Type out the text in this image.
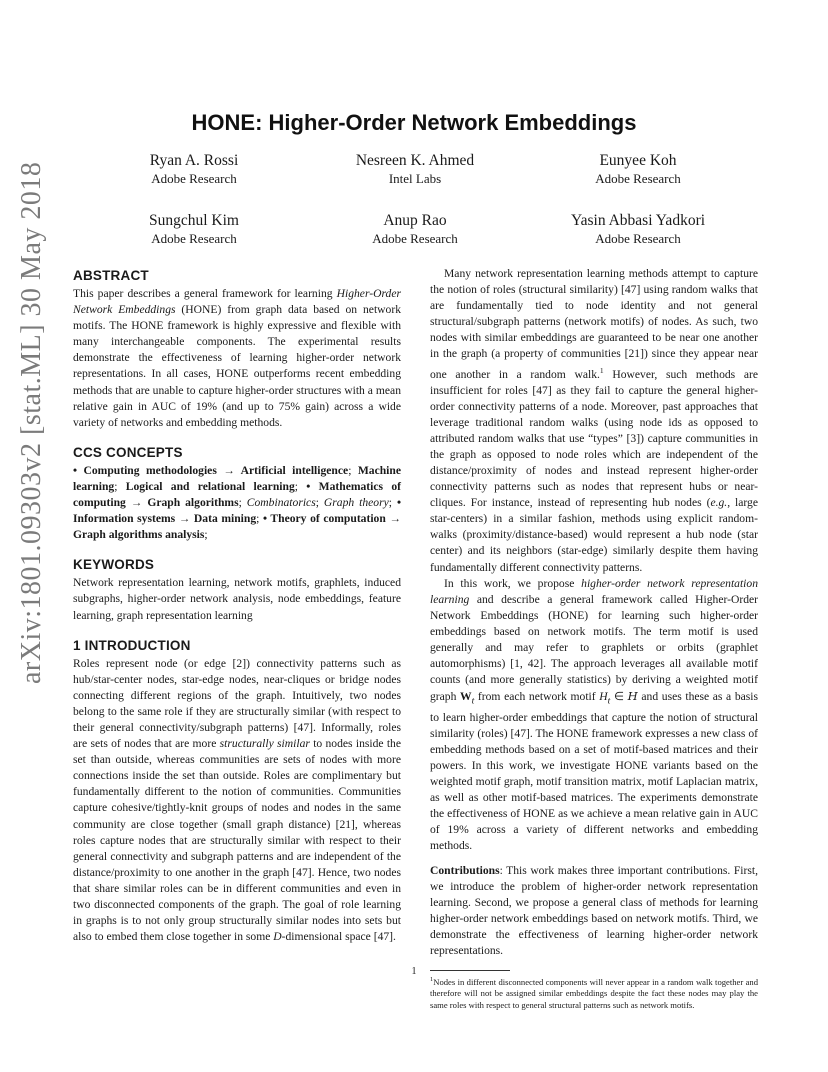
arXiv:1801.09303v2 [stat.ML] 30 May 2018
HONE: Higher-Order Network Embeddings
Ryan A. Rossi
Adobe Research
Nesreen K. Ahmed
Intel Labs
Eunyee Koh
Adobe Research
Sungchul Kim
Adobe Research
Anup Rao
Adobe Research
Yasin Abbasi Yadkori
Adobe Research
ABSTRACT

This paper describes a general framework for learning Higher-Order Network Embeddings (HONE) from graph data based on network motifs. The HONE framework is highly expressive and flexible with many interchangeable components. The experimental results demonstrate the effectiveness of learning higher-order network representations. In all cases, HONE outperforms recent embedding methods that are unable to capture higher-order structures with a mean relative gain in AUC of 19% (and up to 75% gain) across a wide variety of networks and embedding methods.

CCS CONCEPTS

• Computing methodologies → Artificial intelligence; Machine learning; Logical and relational learning; • Mathematics of computing → Graph algorithms; Combinatorics; Graph theory; • Information systems → Data mining; • Theory of computation → Graph algorithms analysis;

KEYWORDS

Network representation learning, network motifs, graphlets, induced subgraphs, higher-order network analysis, node embeddings, feature learning, graph representation learning

1 INTRODUCTION

Roles represent node (or edge [2]) connectivity patterns such as hub/star-center nodes, star-edge nodes, near-cliques or bridge nodes connecting different regions of the graph. Intuitively, two nodes belong to the same role if they are structurally similar (with respect to their general connectivity/subgraph patterns) [47]. Informally, roles are sets of nodes that are more structurally similar to nodes inside the set than outside, whereas communities are sets of nodes with more connections inside the set than outside. Roles are complimentary but fundamentally different to the notion of communities. Communities capture cohesive/tightly-knit groups of nodes and nodes in the same community are close together (small graph distance) [21], whereas roles capture nodes that are structurally similar with respect to their general connectivity and subgraph patterns and are independent of the distance/proximity to one another in the graph [47]. Hence, two nodes that share similar roles can be in different communities and even in two disconnected components of the graph. The goal of role learning in graphs is to not only group structurally similar nodes into sets but also to embed them close together in some D-dimensional space [47].

Many network representation learning methods attempt to capture the notion of roles (structural similarity) [47] using random walks that are fundamentally tied to node identity and not general structural/subgraph patterns (network motifs) of nodes. As such, two nodes with similar embeddings are guaranteed to be near one another in the graph (a property of communities [21]) since they appear near one another in a random walk.$^1$ However, such methods are insufficient for roles [47] as they fail to capture the general higher-order connectivity patterns of a node. Moreover, past approaches that leverage traditional random walks (using node ids as opposed to attributed random walks that use “types” [3]) capture communities in the graph as opposed to node roles which are independent of the distance/proximity of nodes and instead represent higher-order connectivity patterns such as nodes that represent hubs or near-cliques. For instance, instead of representing hub nodes (e.g., large star-centers) in a similar fashion, methods using explicit random-walks (proximity/distance-based) would represent a hub node (star center) and its neighbors (star-edge) similarly despite them having fundamentally different connectivity patterns.

In this work, we propose higher-order network representation learning and describe a general framework called Higher-Order Network Embeddings (HONE) for learning such higher-order embeddings based on network motifs. The term motif is used generally and may refer to graphlets or orbits (graphlet automorphisms) [1, 42]. The approach leverages all available motif counts (and more generally statistics) by deriving a weighted motif graph $W_t$ from each network motif $H_t$ ∈ H and uses these as a basis to learn higher-order embeddings that capture the notion of structural similarity (roles) [47]. The HONE framework expresses a new class of embedding methods based on a set of motif-based matrices and their powers. In this work, we investigate HONE variants based on the weighted motif graph, motif transition matrix, motif Laplacian matrix, as well as other motif-based matrices. The experiments demonstrate the effectiveness of HONE as we achieve a mean relative gain in AUC of 19% across a variety of different networks and embedding methods.

Contributions: This work makes three important contributions. First, we introduce the problem of higher-order network representation learning. Second, we propose a general class of methods for learning higher-order network embeddings based on network motifs. Third, we demonstrate the effectiveness of learning higher-order network representations.

$^1$Nodes in different disconnected components will never appear in a random walk together and therefore will not be assigned similar embeddings despite the fact these nodes may play the same roles with respect to general structural patterns such as network motifs.

1
